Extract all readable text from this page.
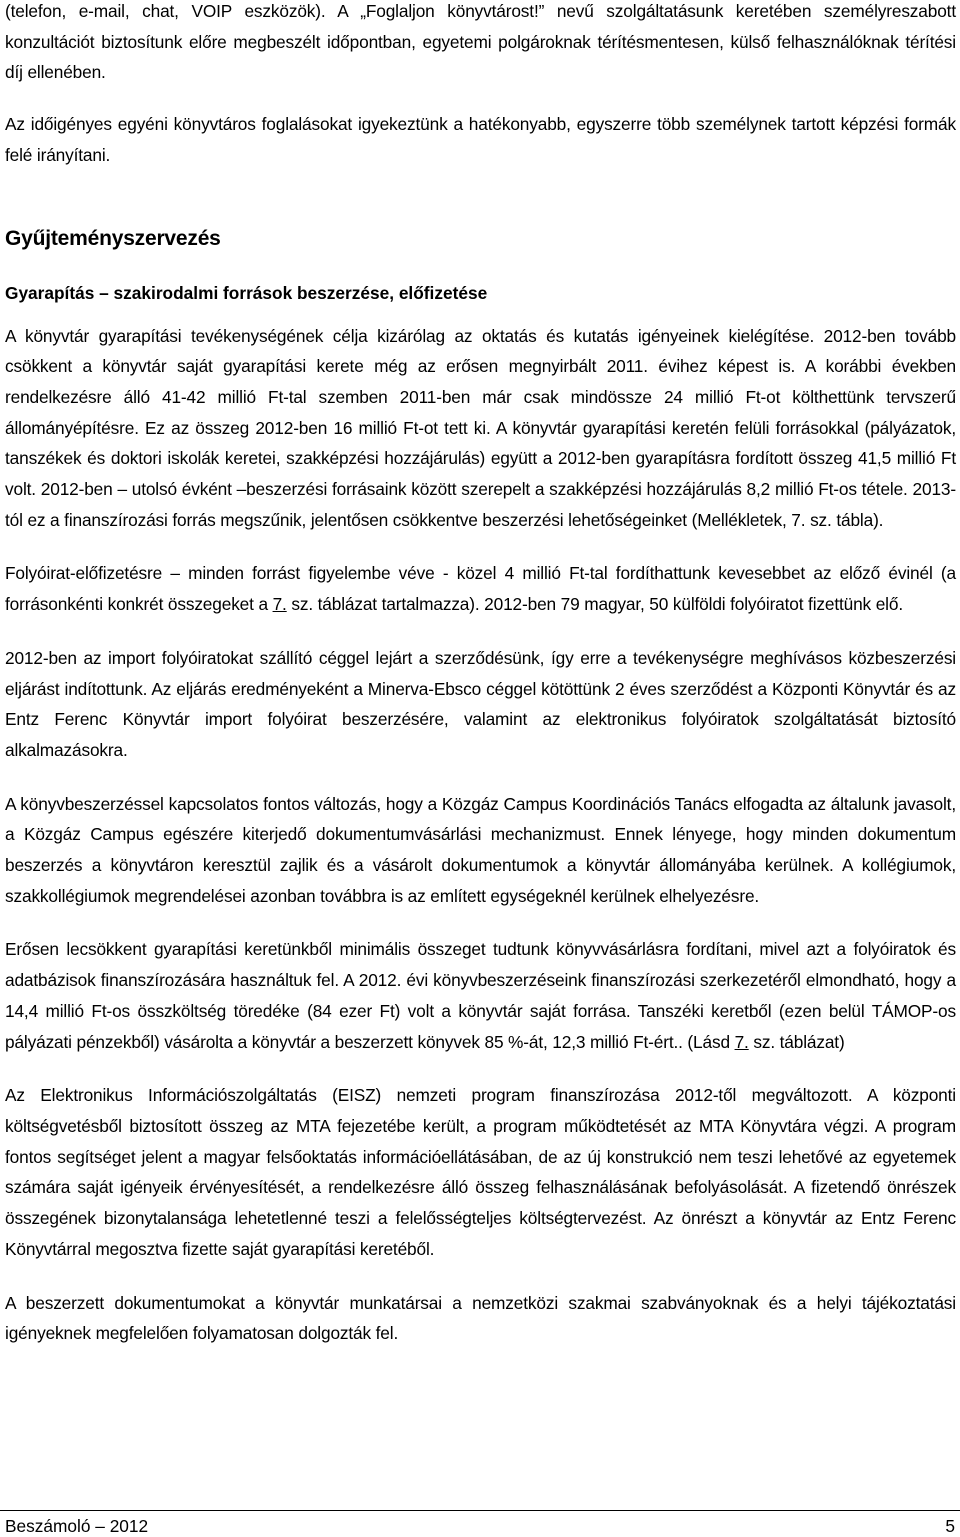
(telefon, e-mail, chat, VOIP eszközök). A „Foglaljon könyvtárost!” nevű szolgáltatásunk keretében személyreszabott konzultációt biztosítunk előre megbeszélt időpontban, egyetemi polgároknak térítésmentesen, külső felhasználóknak térítési díj ellenében.

Az időigényes egyéni könyvtáros foglalásokat igyekeztünk a hatékonyabb, egyszerre több személynek tartott képzési formák felé irányítani.

Gyűjteményszervezés
Gyarapítás – szakirodalmi források beszerzése, előfizetése

A könyvtár gyarapítási tevékenységének célja kizárólag az oktatás és kutatás igényeinek kielégítése. 2012-ben tovább csökkent a könyvtár saját gyarapítási kerete még az erősen megnyirbált 2011. évihez képest is. A korábbi években rendelkezésre álló 41-42 millió Ft-tal szemben 2011-ben már csak mindössze 24 millió Ft-ot költhettünk tervszerű állományépítésre. Ez az összeg 2012-ben 16 millió Ft-ot tett ki. A könyvtár gyarapítási keretén felüli forrásokkal (pályázatok, tanszékek és doktori iskolák keretei, szakképzési hozzájárulás) együtt a 2012-ben gyarapításra fordított összeg 41,5 millió Ft volt. 2012-ben – utolsó évként –beszerzési forrásaink között szerepelt a szakképzési hozzájárulás 8,2 millió Ft-os tétele. 2013-tól ez a finanszírozási forrás megszűnik, jelentősen csökkentve beszerzési lehetőségeinket (Mellékletek, 7. sz. tábla).

Folyóirat-előfizetésre – minden forrást figyelembe véve - közel 4 millió Ft-tal fordíthattunk kevesebbet az előző évinél (a forrásonkénti konkrét összegeket a 7. sz. táblázat tartalmazza). 2012-ben 79 magyar, 50 külföldi folyóiratot fizettünk elő.

2012-ben az import folyóiratokat szállító céggel lejárt a szerződésünk, így erre a tevékenységre meghívásos közbeszerzési eljárást indítottunk. Az eljárás eredményeként a Minerva-Ebsco céggel kötöttünk 2 éves szerződést a Központi Könyvtár és az Entz Ferenc Könyvtár import folyóirat beszerzésére, valamint az elektronikus folyóiratok szolgáltatását biztosító alkalmazásokra.

A könyvbeszerzéssel kapcsolatos fontos változás, hogy a Közgáz Campus Koordinációs Tanács elfogadta az általunk javasolt, a Közgáz Campus egészére kiterjedő dokumentumvásárlási mechanizmust. Ennek lényege, hogy minden dokumentum beszerzés a könyvtáron keresztül zajlik és a vásárolt dokumentumok a könyvtár állományába kerülnek. A kollégiumok, szakkollégiumok megrendelései azonban továbbra is az említett egységeknél kerülnek elhelyezésre.

Erősen lecsökkent gyarapítási keretünkből minimális összeget tudtunk könyvvásárlásra fordítani, mivel azt a folyóiratok és adatbázisok finanszírozására használtuk fel. A 2012. évi könyvbeszerzéseink finanszírozási szerkezetéről elmondható, hogy a 14,4 millió Ft-os összköltség töredéke (84 ezer Ft) volt a könyvtár saját forrása. Tanszéki keretből (ezen belül TÁMOP-os pályázati pénzekből) vásárolta a könyvtár a beszerzett könyvek 85 %-át, 12,3 millió Ft-ért.. (Lásd 7. sz. táblázat)

Az Elektronikus Információszolgáltatás (EISZ) nemzeti program finanszírozása 2012-től megváltozott. A központi költségvetésből biztosított összeg az MTA fejezetébe került, a program működtetését az MTA Könyvtára végzi. A program fontos segítséget jelent a magyar felsőoktatás információellátásában, de az új konstrukció nem teszi lehetővé az egyetemek számára saját igényeik érvényesítését, a rendelkezésre álló összeg felhasználásának befolyásolását. A fizetendő önrészek összegének bizonytalansága lehetetlenné teszi a felelősségteljes költségtervezést. Az önrészt a könyvtár az Entz Ferenc Könyvtárral megosztva fizette saját gyarapítási keretéből.

A beszerzett dokumentumokat a könyvtár munkatársai a nemzetközi szakmai szabványoknak és a helyi tájékoztatási igényeknek megfelelően folyamatosan dolgozták fel.

Beszámoló – 2012	5
